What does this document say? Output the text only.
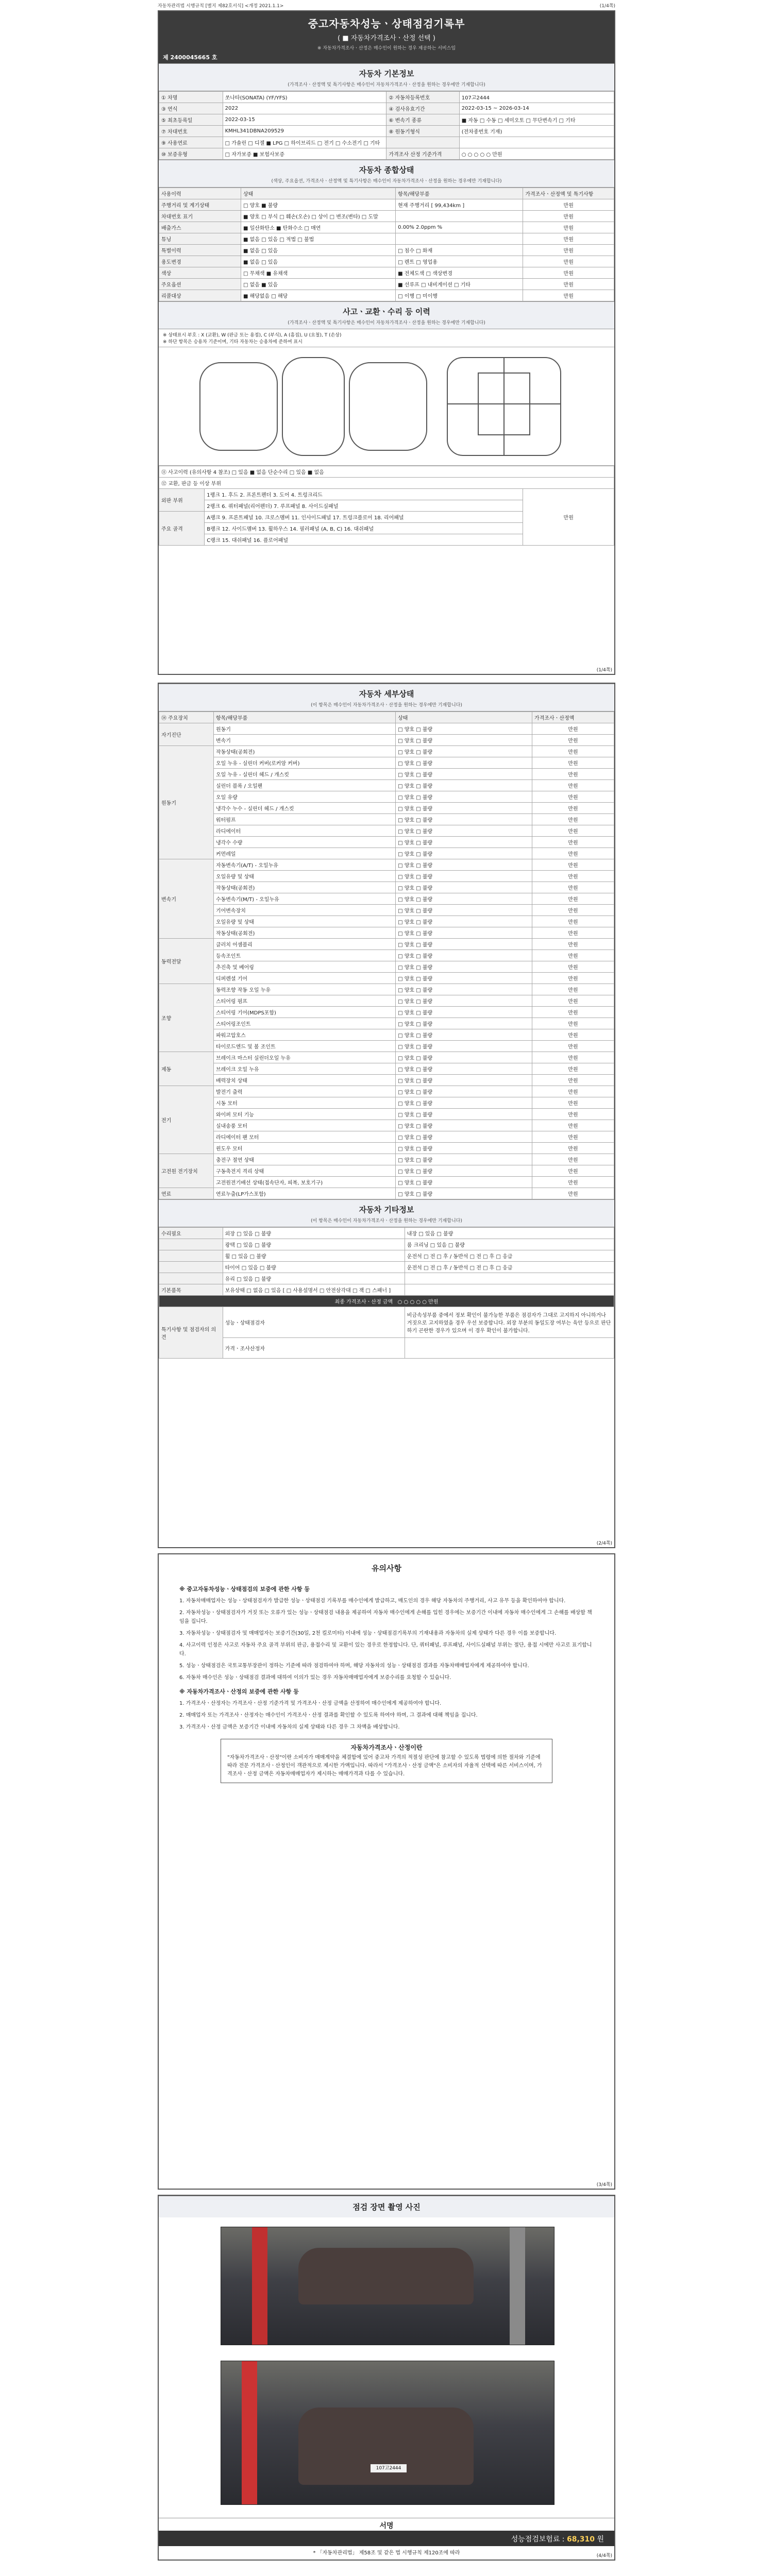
자동차관리법 시행규칙 [별지 제82호서식] <개정 2021.1.1>	(1/4쪽)
중고자동차성능ㆍ상태점검기록부
( ■ 자동차가격조사ㆍ산정 선택 )
※ 자동차가격조사ㆍ산정은 매수인이 원하는 경우 제공하는 서비스임
제 2400045665 호
자동차 기본정보
(가격조사ㆍ산정액 및 특기사항은 매수인이 자동차가격조사ㆍ산정을 원하는 경우에만 기재합니다)
① 차명	쏘나타(SONATA) (YF/YFS)	② 자동차등록번호	107고2444
③ 연식	2022	④ 검사유효기간	2022-03-15 ~ 2026-03-14
⑤ 최초등록일	2022-03-15	⑥ 변속기 종류	■ 자동 □ 수동 □ 세미오토 □ 무단변속기 □ 기타
⑦ 차대번호	KMHL341DBNA209529	⑧ 원동기형식	(전차종번호 기재)
⑨ 사용연료	□ 가솔린 □ 디젤 ■ LPG □ 하이브리드 □ 전기 □ 수소전기 □ 기타		
⑩ 보증유형	□ 자가보증 ■ 보험사보증	가격조사 산정 기준가격	○ ○ ○ ○ ○ 만원
자동차 종합상태
(색상, 주요옵션, 가격조사ㆍ산정액 및 특기사항은 매수인이 자동차가격조사ㆍ산정을 원하는 경우에만 기재합니다)
사용이력	상태	항목/해당부품	가격조사ㆍ산정액 및 특기사항
주행거리 및 계기상태	□ 양호 ■ 불량	현재 주행거리 [ 99,434km ]	만원
차대번호 표기	■ 양호 □ 부식 □ 훼손(오손) □ 상이 □ 변조(변타) □ 도말		만원
배출가스	■ 일산화탄소 ■ 탄화수소 □ 매연	0.00% 2.0ppm %	만원
튜닝	■ 없음 □ 있음 □ 적법 □ 불법		만원
특별이력	■ 없음 □ 있음	□ 침수 □ 화재	만원
용도변경	■ 없음 □ 있음	□ 렌트 □ 영업용	만원
색상	□ 무채색 ■ 유채색	■ 전체도색 □ 색상변경	만원
주요옵션	□ 없음 ■ 있음	■ 선루프 □ 내비게이션 □ 기타	만원
리콜대상	■ 해당없음 □ 해당	□ 이행 □ 미이행	만원
사고ㆍ교환ㆍ수리 등 이력
(가격조사ㆍ산정액 및 특기사항은 매수인이 자동차가격조사ㆍ산정을 원하는 경우에만 기재합니다)
※ 상태표시 부호 : X (교환), W (판금 또는 용접), C (부식), A (흠집), U (요철), T (손상)
※ 하단 항목은 승용차 기준이며, 기타 자동차는 승용차에 준하여 표시
⑪ 사고이력 (유의사항 4 참조) □ 있음 ■ 없음 단순수리 □ 있음 ■ 없음		
⑫ 교환, 판금 등 이상 부위		
외판 부위	1랭크 1. 후드 2. 프론트펜더 3. 도어 4. 트렁크리드	만원
	2랭크 6. 쿼터패널(리어펜더) 7. 루프패널 8. 사이드실패널	
주요 골격	A랭크 9. 프론트패널 10. 크로스멤버 11. 인사이드패널 17. 트렁크플로어 18. 리어패널	
	B랭크 12. 사이드멤버 13. 휠하우스 14. 필러패널 (A, B, C) 16. 대쉬패널	
	C랭크 15. 대쉬패널 16. 플로어패널	
(1/4쪽)
자동차 세부상태
(이 항목은 매수인이 자동차가격조사ㆍ산정을 원하는 경우에만 기재합니다)
⑭ 주요장치	항목/해당부품	상태	가격조사ㆍ산정액
자기진단	원동기	□ 양호 □ 불량	만원
	변속기	□ 양호 □ 불량	만원
원동기	작동상태(공회전)	□ 양호 □ 불량	만원
	오일 누유 - 실린더 커버(로커암 커버)	□ 양호 □ 불량	만원
	오일 누유 - 실린더 헤드 / 개스킷	□ 양호 □ 불량	만원
	실린더 블록 / 오일팬	□ 양호 □ 불량	만원
	오일 유량	□ 양호 □ 불량	만원
	냉각수 누수 - 실린더 헤드 / 개스킷	□ 양호 □ 불량	만원
	워터펌프	□ 양호 □ 불량	만원
	라디에이터	□ 양호 □ 불량	만원
	냉각수 수량	□ 양호 □ 불량	만원
	커먼레일	□ 양호 □ 불량	만원
변속기	자동변속기(A/T) - 오일누유	□ 양호 □ 불량	만원
	오일유량 및 상태	□ 양호 □ 불량	만원
	작동상태(공회전)	□ 양호 □ 불량	만원
	수동변속기(M/T) - 오일누유	□ 양호 □ 불량	만원
	기어변속장치	□ 양호 □ 불량	만원
	오일유량 및 상태	□ 양호 □ 불량	만원
	작동상태(공회전)	□ 양호 □ 불량	만원
동력전달	클러치 어셈블리	□ 양호 □ 불량	만원
	등속조인트	□ 양호 □ 불량	만원
	추진축 및 베어링	□ 양호 □ 불량	만원
	디퍼렌셜 기어	□ 양호 □ 불량	만원
조향	동력조향 작동 오일 누유	□ 양호 □ 불량	만원
	스티어링 펌프	□ 양호 □ 불량	만원
	스티어링 기어(MDPS포함)	□ 양호 □ 불량	만원
	스티어링조인트	□ 양호 □ 불량	만원
	파워고압호스	□ 양호 □ 불량	만원
	타이로드엔드 및 볼 조인트	□ 양호 □ 불량	만원
제동	브레이크 마스터 실린더오일 누유	□ 양호 □ 불량	만원
	브레이크 오일 누유	□ 양호 □ 불량	만원
	배력장치 상태	□ 양호 □ 불량	만원
전기	발전기 출력	□ 양호 □ 불량	만원
	시동 모터	□ 양호 □ 불량	만원
	와이퍼 모터 기능	□ 양호 □ 불량	만원
	실내송풍 모터	□ 양호 □ 불량	만원
	라디에이터 팬 모터	□ 양호 □ 불량	만원
	윈도우 모터	□ 양호 □ 불량	만원
고전원 전기장치	충전구 절연 상태	□ 양호 □ 불량	만원
	구동축전지 격리 상태	□ 양호 □ 불량	만원
	고전원전기배선 상태(접속단자, 피복, 보호기구)	□ 양호 □ 불량	만원
연료	연료누출(LP가스포함)	□ 양호 □ 불량	만원
자동차 기타정보
(이 항목은 매수인이 자동차가격조사ㆍ산정을 원하는 경우에만 기재합니다)
수리필요	외장 □ 있음 □ 불량	내장 □ 있음 □ 불량
	광택 □ 있음 □ 불량	룸 크리닝 □ 있음 □ 불량
	휠 □ 있음 □ 불량	운전석 □ 전 □ 후 / 동반석 □ 전 □ 후 □ 응급
	타이어 □ 있음 □ 불량	운전석 □ 전 □ 후 / 동반석 □ 전 □ 후 □ 응급
	유리 □ 있음 □ 불량	
기본품목	보유상태 □ 없음 □ 있음 [ □ 사용설명서 □ 안전삼각대 □ 잭 □ 스패너 ]	
최종 가격조사ㆍ산정 금액 ○ ○ ○ ○ ○ 만원		
특기사항 및 점검자의 의견	성능ㆍ상태점검자	비금속성부품 중에서 정보 확인이 불가능한 부품은 점검자가 그대로 고지하지 아니하거나 거짓으로 고지하였을 경우 우선 보증합니다. 외장 부분의 동일도장 여부는 육안 등으로 판단하기 곤란한 경우가 있으며 이 경우 확인이 불가합니다.
	가격ㆍ조사산정자	
(2/4쪽)
유의사항
※ 중고자동차성능ㆍ상태점검의 보증에 관한 사항 등

1. 자동차매매업자는 성능ㆍ상태점검자가 발급한 성능ㆍ상태점검 기록부를 매수인에게 발급하고, 매도인의 경우 해당 자동차의 주행거리, 사고 유무 등을 확인하여야 합니다.

2. 자동차성능ㆍ상태점검자가 거짓 또는 오류가 있는 성능ㆍ상태점검 내용을 제공하여 자동차 매수인에게 손해를 입힌 경우에는 보증기간 이내에 자동차 매수인에게 그 손해를 배상할 책임을 집니다.

3. 자동차성능ㆍ상태점검자 및 매매업자는 보증기간(30일, 2천 킬로미터) 이내에 성능ㆍ상태점검기록부의 기재내용과 자동차의 실제 상태가 다른 경우 이를 보증합니다.

4. 사고이력 인정은 사고로 자동차 주요 골격 부위의 판금, 용접수리 및 교환이 있는 경우로 한정합니다. 단, 쿼터패널, 루프패널, 사이드실패널 부위는 절단, 용접 시에만 사고로 표기합니다.

5. 성능ㆍ상태점검은 국토교통부장관이 정하는 기준에 따라 점검하여야 하며, 해당 자동차의 성능ㆍ상태점검 결과를 자동차매매업자에게 제공하여야 합니다.

6. 자동차 매수인은 성능ㆍ상태점검 결과에 대하여 이의가 있는 경우 자동차매매업자에게 보증수리를 요청할 수 있습니다.

※ 자동차가격조사ㆍ산정의 보증에 관한 사항 등

1. 가격조사ㆍ산정자는 가격조사ㆍ산정 기준가격 및 가격조사ㆍ산정 금액을 산정하여 매수인에게 제공하여야 합니다.

2. 매매업자 또는 가격조사ㆍ산정자는 매수인이 가격조사ㆍ산정 결과를 확인할 수 있도록 하여야 하며, 그 결과에 대해 책임을 집니다.

3. 가격조사ㆍ산정 금액은 보증기간 이내에 자동차의 실제 상태와 다른 경우 그 차액을 배상합니다.

자동차가격조사ㆍ산정이란
"자동차가격조사ㆍ산정"이란 소비자가 매매계약을 체결함에 있어 중고차 가격의 적절성 판단에 참고할 수 있도록 법령에 의한 절차와 기준에 따라 전문 가격조사ㆍ산정인이 객관적으로 제시한 가액입니다. 따라서 "가격조사ㆍ산정 금액"은 소비자의 자율적 선택에 따른 서비스이며, 가격조사ㆍ산정 금액은 자동차매매업자가 제시하는 매매가격과 다를 수 있습니다.
(3/4쪽)
점검 장면 촬영 사진
107고2444
서명
성능점검보험료 : 68,310 원
* 「자동차관리법」 제58조 및 같은 법 시행규칙 제120조에 따라	(4/4쪽)
